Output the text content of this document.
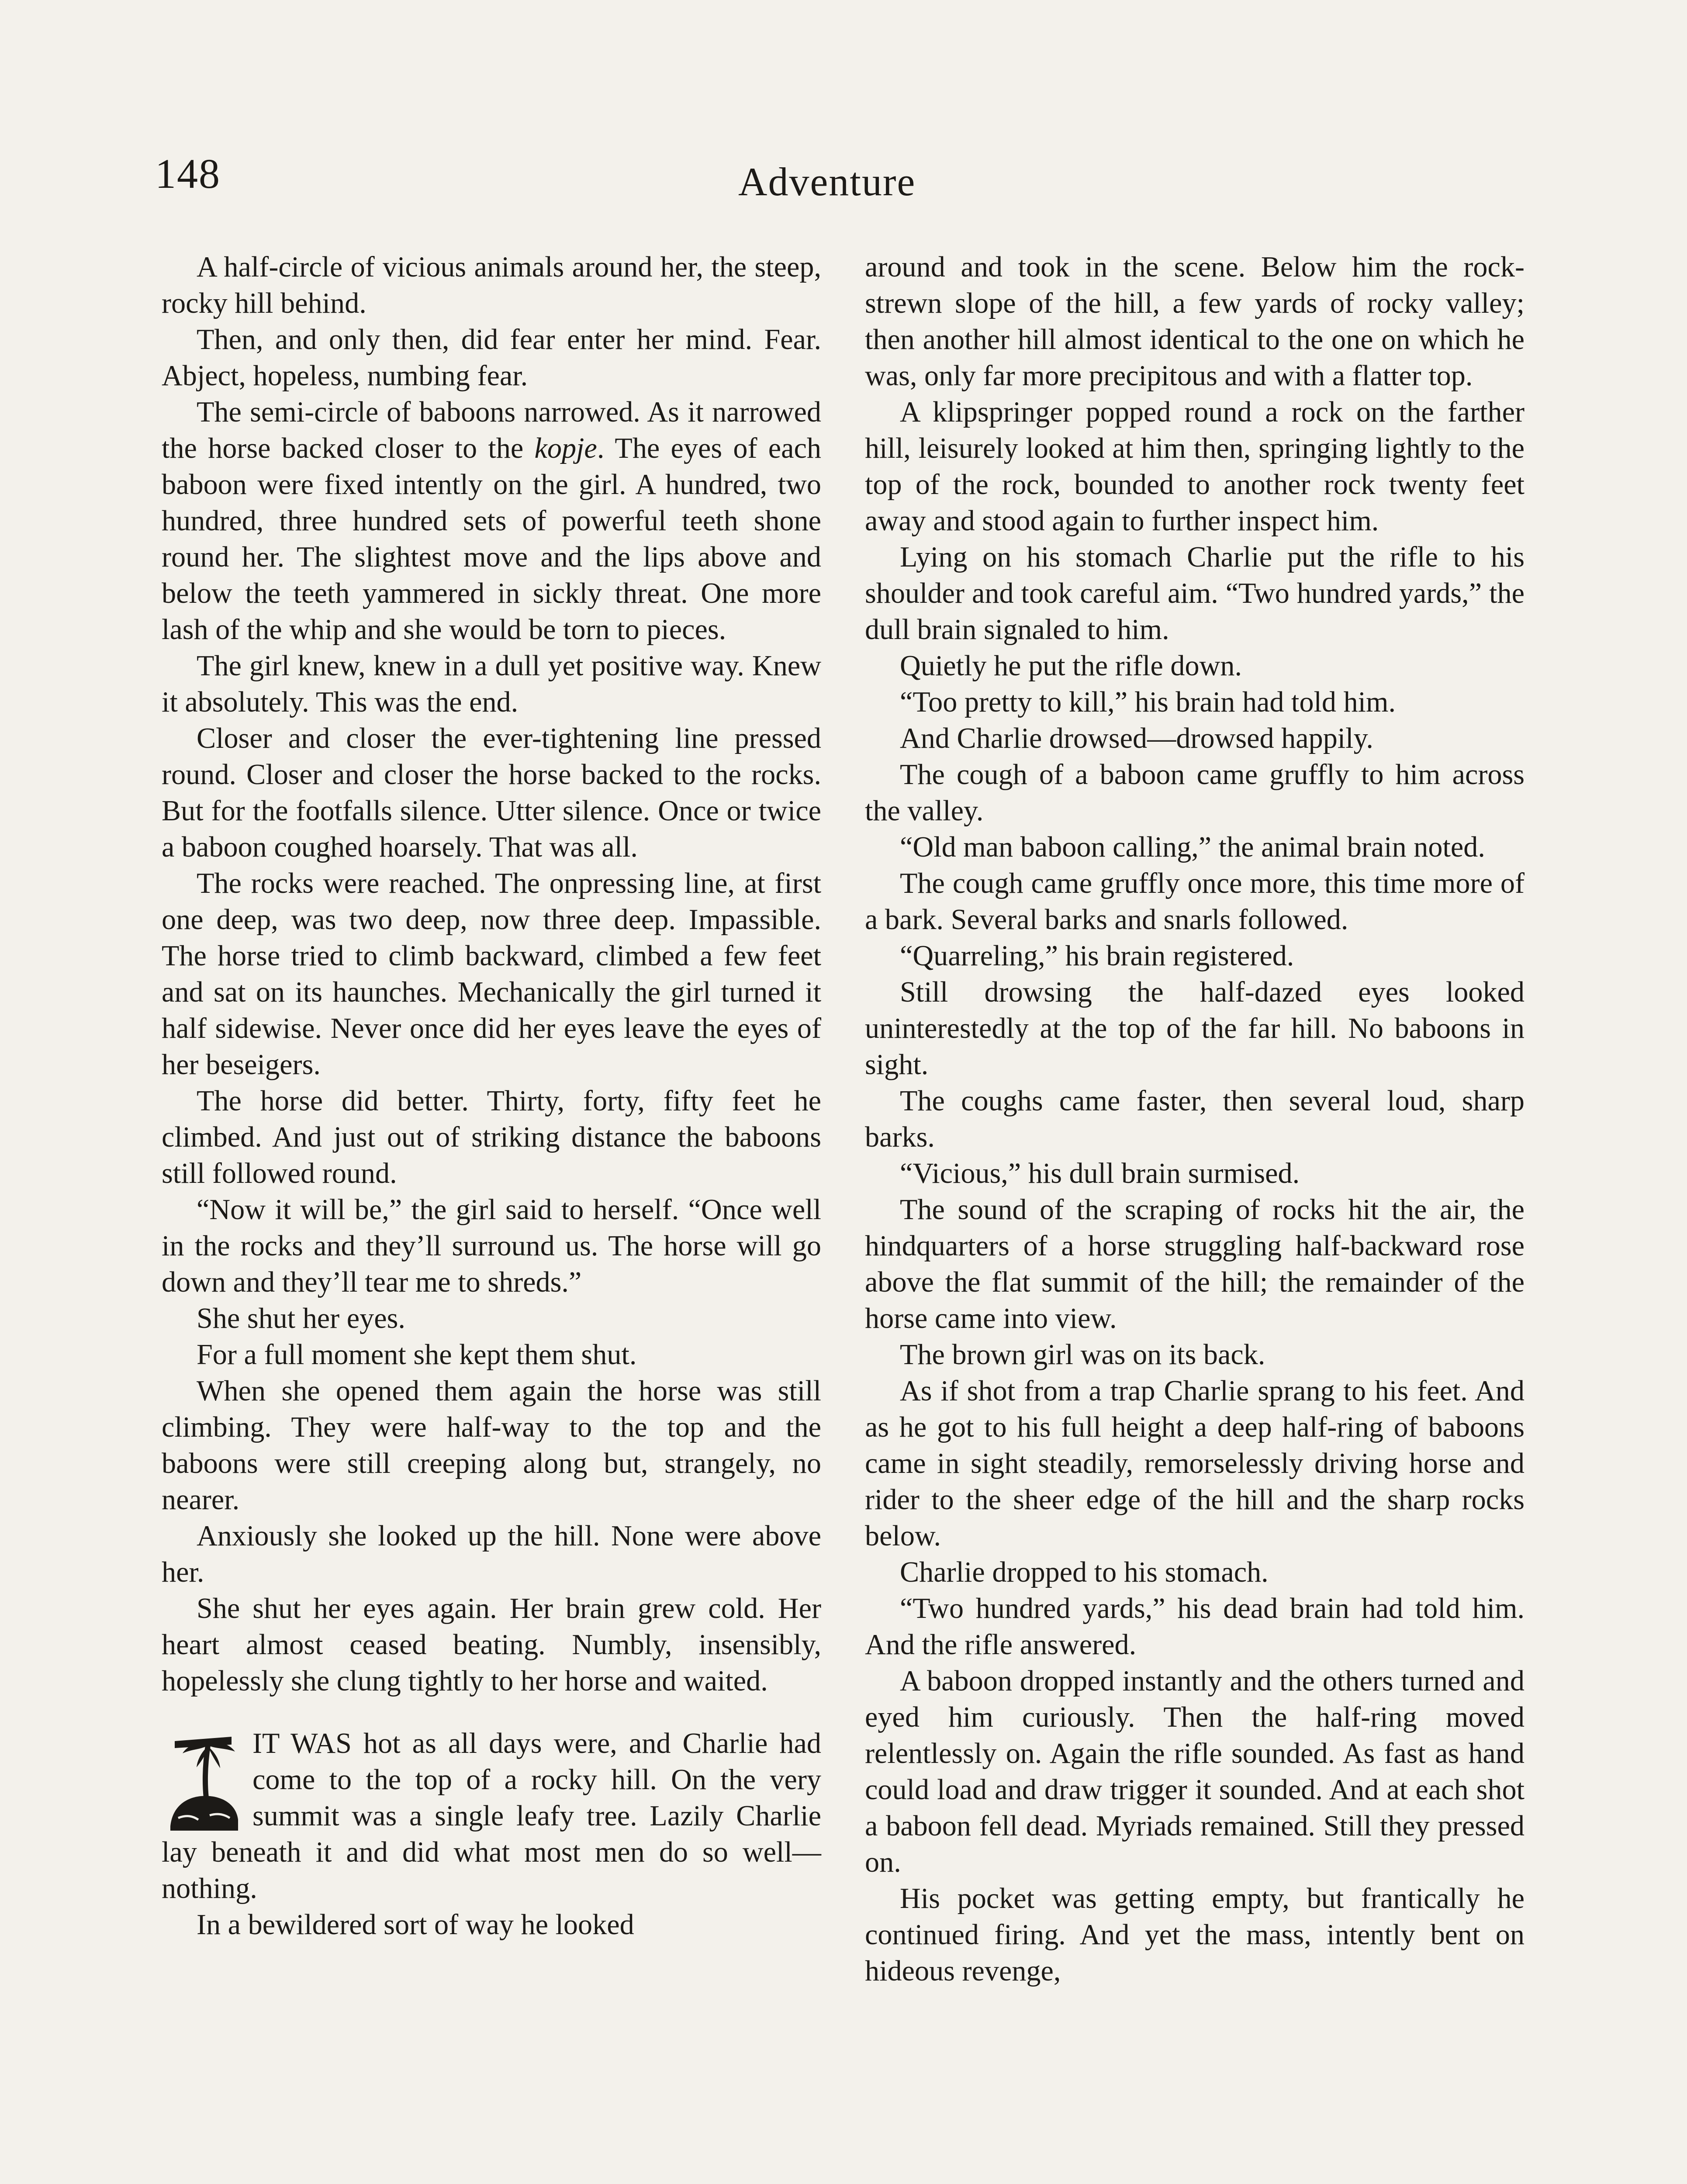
148	Adventure

A half-circle of vicious animals around her, the steep, rocky hill behind.

Then, and only then, did fear enter her mind. Fear. Abject, hopeless, numbing fear.

The semi-circle of baboons narrowed. As it narrowed the horse backed closer to the kopje. The eyes of each baboon were fixed intently on the girl. A hundred, two hundred, three hundred sets of powerful teeth shone round her. The slightest move and the lips above and below the teeth yammered in sickly threat. One more lash of the whip and she would be torn to pieces.

The girl knew, knew in a dull yet positive way. Knew it absolutely. This was the end.

Closer and closer the ever-tightening line pressed round. Closer and closer the horse backed to the rocks. But for the footfalls silence. Utter silence. Once or twice a baboon coughed hoarsely. That was all.

The rocks were reached. The onpressing line, at first one deep, was two deep, now three deep. Impassible. The horse tried to climb backward, climbed a few feet and sat on its haunches. Mechanically the girl turned it half sidewise. Never once did her eyes leave the eyes of her beseigers.

The horse did better. Thirty, forty, fifty feet he climbed. And just out of striking distance the baboons still followed round.

“Now it will be,” the girl said to herself. “Once well in the rocks and they’ll surround us. The horse will go down and they’ll tear me to shreds.”

She shut her eyes.

For a full moment she kept them shut.

When she opened them again the horse was still climbing. They were half-way to the top and the baboons were still creeping along but, strangely, no nearer.

Anxiously she looked up the hill. None were above her.

She shut her eyes again. Her brain grew cold. Her heart almost ceased beating. Numbly, insensibly, hopelessly she clung tightly to her horse and waited.

IT WAS hot as all days were, and Charlie had come to the top of a rocky hill. On the very summit was a single leafy tree. Lazily Charlie lay beneath it and did what most men do so well—nothing.

In a bewildered sort of way he looked

around and took in the scene. Below him the rock-strewn slope of the hill, a few yards of rocky valley; then another hill almost identical to the one on which he was, only far more precipitous and with a flatter top.

A klipspringer popped round a rock on the farther hill, leisurely looked at him then, springing lightly to the top of the rock, bounded to another rock twenty feet away and stood again to further inspect him.

Lying on his stomach Charlie put the rifle to his shoulder and took careful aim. “Two hundred yards,” the dull brain signaled to him.

Quietly he put the rifle down.

“Too pretty to kill,” his brain had told him.

And Charlie drowsed—drowsed happily.

The cough of a baboon came gruffly to him across the valley.

“Old man baboon calling,” the animal brain noted.

The cough came gruffly once more, this time more of a bark. Several barks and snarls followed.

“Quarreling,” his brain registered.

Still drowsing the half-dazed eyes looked uninterestedly at the top of the far hill. No baboons in sight.

The coughs came faster, then several loud, sharp barks.

“Vicious,” his dull brain surmised.

The sound of the scraping of rocks hit the air, the hindquarters of a horse struggling half-backward rose above the flat summit of the hill; the remainder of the horse came into view.

The brown girl was on its back.

As if shot from a trap Charlie sprang to his feet. And as he got to his full height a deep half-ring of baboons came in sight steadily, remorselessly driving horse and rider to the sheer edge of the hill and the sharp rocks below.

Charlie dropped to his stomach.

“Two hundred yards,” his dead brain had told him. And the rifle answered.

A baboon dropped instantly and the others turned and eyed him curiously. Then the half-ring moved relentlessly on. Again the rifle sounded. As fast as hand could load and draw trigger it sounded. And at each shot a baboon fell dead. Myriads remained. Still they pressed on.

His pocket was getting empty, but frantically he continued firing. And yet the mass, intently bent on hideous revenge,
